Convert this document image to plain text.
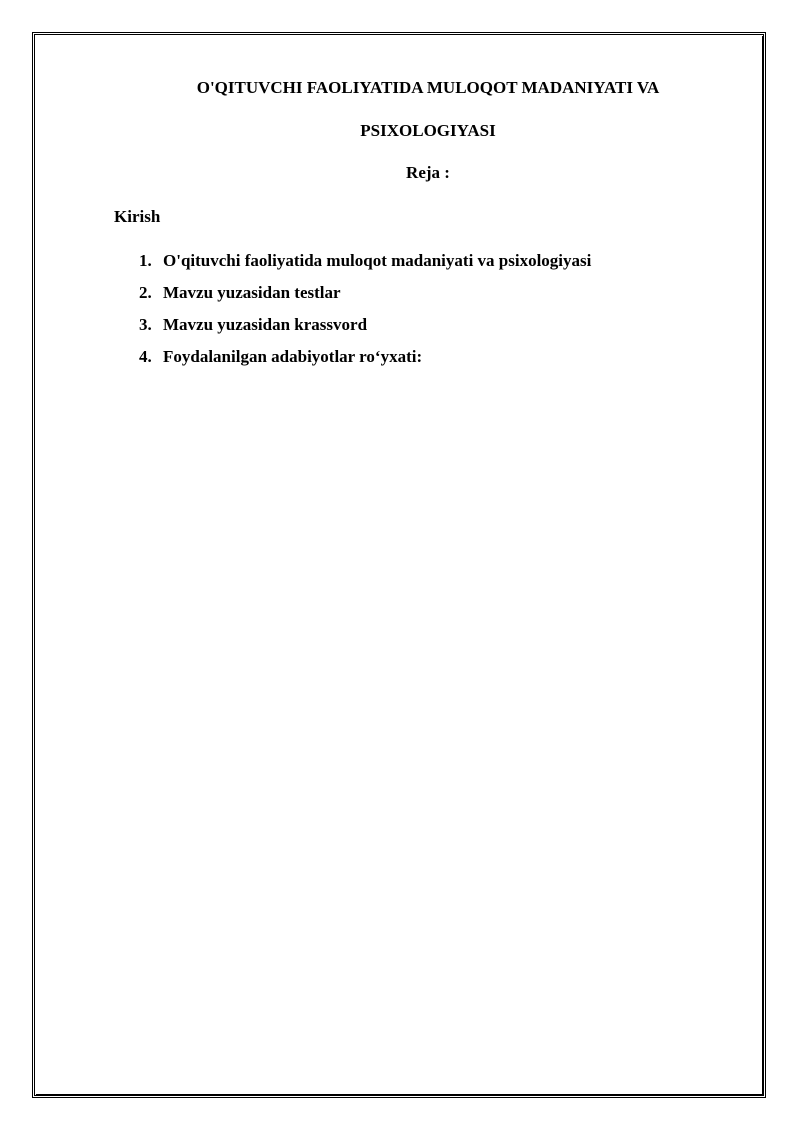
O'QITUVCHI FAOLIYATIDA MULOQOT MADANIYATI VA
PSIXOLOGIYASI
Reja :
Kirish
1. O'qituvchi faoliyatida muloqot madaniyati va psixologiyasi
2. Mavzu yuzasidan testlar
3. Mavzu yuzasidan krassvord
4. Foydalanilgan adabiyotlar ro‘yxati:
